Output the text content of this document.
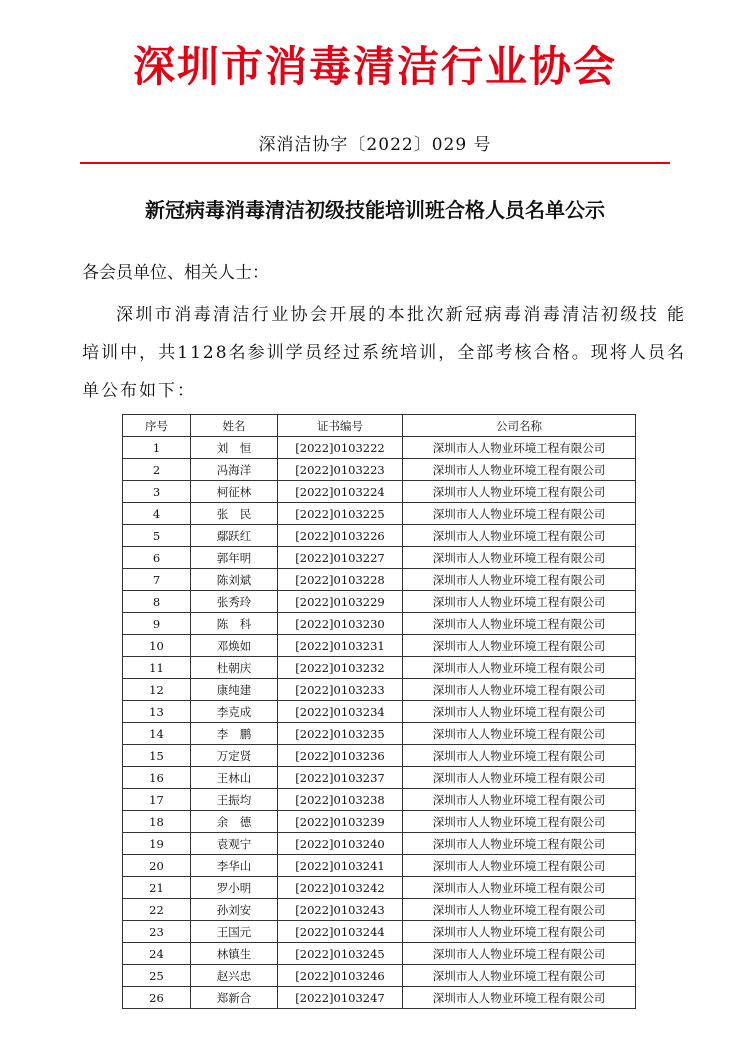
深圳市消毒清洁行业协会
深消洁协字〔2022〕029 号
新冠病毒消毒清洁初级技能培训班合格人员名单公示
各会员单位、相关人士：
深圳市消毒清洁行业协会开展的本批次新冠病毒消毒清洁初级技 能培训中，共1128名参训学员经过系统培训，全部考核合格。现将人员名单公布如下：
序号	姓名	证书编号	公司名称
1	刘　恒	[2022]0103222	深圳市人人物业环境工程有限公司
2	冯海洋	[2022]0103223	深圳市人人物业环境工程有限公司
3	柯征林	[2022]0103224	深圳市人人物业环境工程有限公司
4	张　民	[2022]0103225	深圳市人人物业环境工程有限公司
5	鄢跃红	[2022]0103226	深圳市人人物业环境工程有限公司
6	郭年明	[2022]0103227	深圳市人人物业环境工程有限公司
7	陈刘斌	[2022]0103228	深圳市人人物业环境工程有限公司
8	张秀玲	[2022]0103229	深圳市人人物业环境工程有限公司
9	陈　科	[2022]0103230	深圳市人人物业环境工程有限公司
10	邓焕如	[2022]0103231	深圳市人人物业环境工程有限公司
11	杜朝庆	[2022]0103232	深圳市人人物业环境工程有限公司
12	康纯建	[2022]0103233	深圳市人人物业环境工程有限公司
13	李克成	[2022]0103234	深圳市人人物业环境工程有限公司
14	李　鹏	[2022]0103235	深圳市人人物业环境工程有限公司
15	万定贤	[2022]0103236	深圳市人人物业环境工程有限公司
16	王林山	[2022]0103237	深圳市人人物业环境工程有限公司
17	王振均	[2022]0103238	深圳市人人物业环境工程有限公司
18	余　德	[2022]0103239	深圳市人人物业环境工程有限公司
19	袁观宁	[2022]0103240	深圳市人人物业环境工程有限公司
20	李华山	[2022]0103241	深圳市人人物业环境工程有限公司
21	罗小明	[2022]0103242	深圳市人人物业环境工程有限公司
22	孙刘安	[2022]0103243	深圳市人人物业环境工程有限公司
23	王国元	[2022]0103244	深圳市人人物业环境工程有限公司
24	林镇生	[2022]0103245	深圳市人人物业环境工程有限公司
25	赵兴忠	[2022]0103246	深圳市人人物业环境工程有限公司
26	郑新合	[2022]0103247	深圳市人人物业环境工程有限公司
